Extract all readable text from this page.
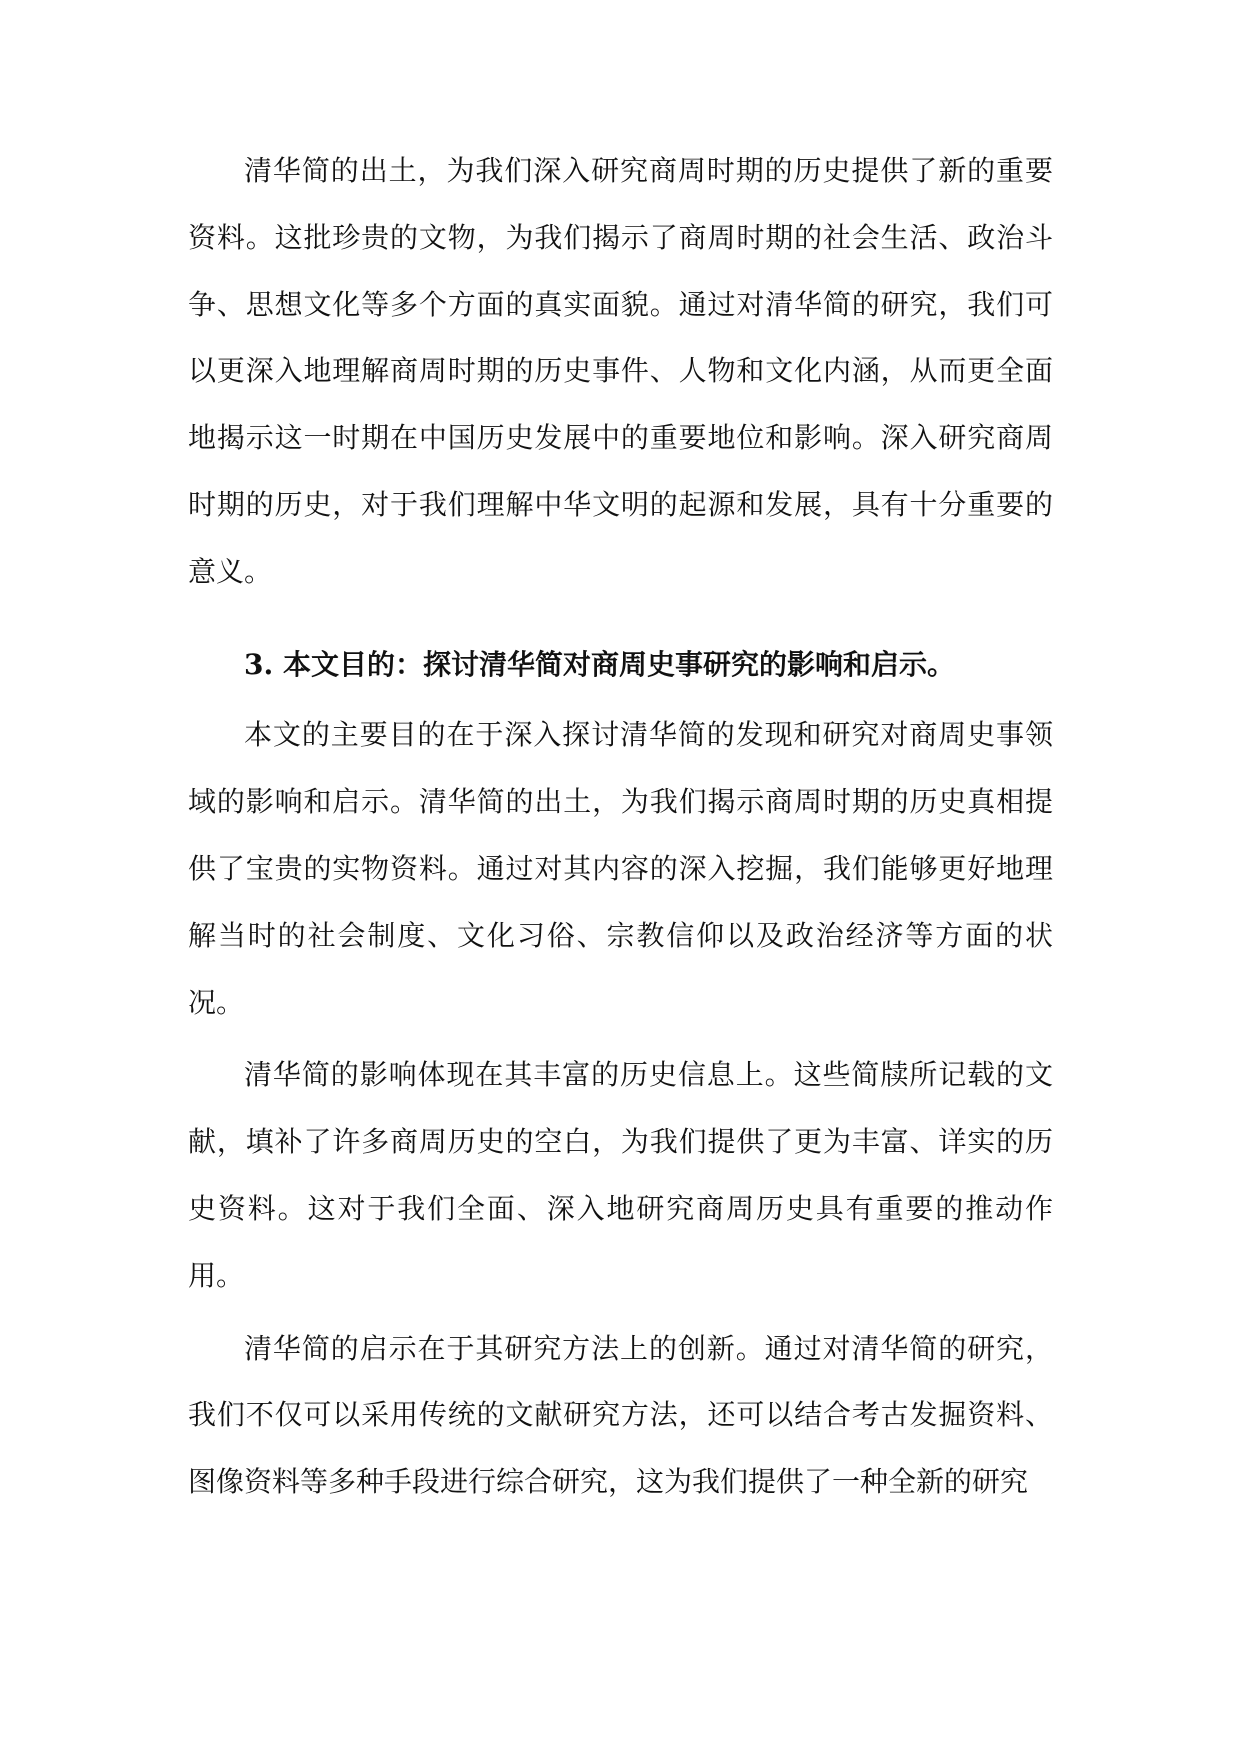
清华简的出土，为我们深入研究商周时期的历史提供了新的重要资料。这批珍贵的文物，为我们揭示了商周时期的社会生活、政治斗争、思想文化等多个方面的真实面貌。通过对清华简的研究，我们可以更深入地理解商周时期的历史事件、人物和文化内涵，从而更全面地揭示这一时期在中国历史发展中的重要地位和影响。深入研究商周时期的历史，对于我们理解中华文明的起源和发展，具有十分重要的意义。

3. 本文目的：探讨清华简对商周史事研究的影响和启示。

本文的主要目的在于深入探讨清华简的发现和研究对商周史事领域的影响和启示。清华简的出土，为我们揭示商周时期的历史真相提供了宝贵的实物资料。通过对其内容的深入挖掘，我们能够更好地理解当时的社会制度、文化习俗、宗教信仰以及政治经济等方面的状况。

清华简的影响体现在其丰富的历史信息上。这些简牍所记载的文献，填补了许多商周历史的空白，为我们提供了更为丰富、详实的历史资料。这对于我们全面、深入地研究商周历史具有重要的推动作用。

清华简的启示在于其研究方法上的创新。通过对清华简的研究，我们不仅可以采用传统的文献研究方法，还可以结合考古发掘资料、图像资料等多种手段进行综合研究，这为我们提供了一种全新的研究
